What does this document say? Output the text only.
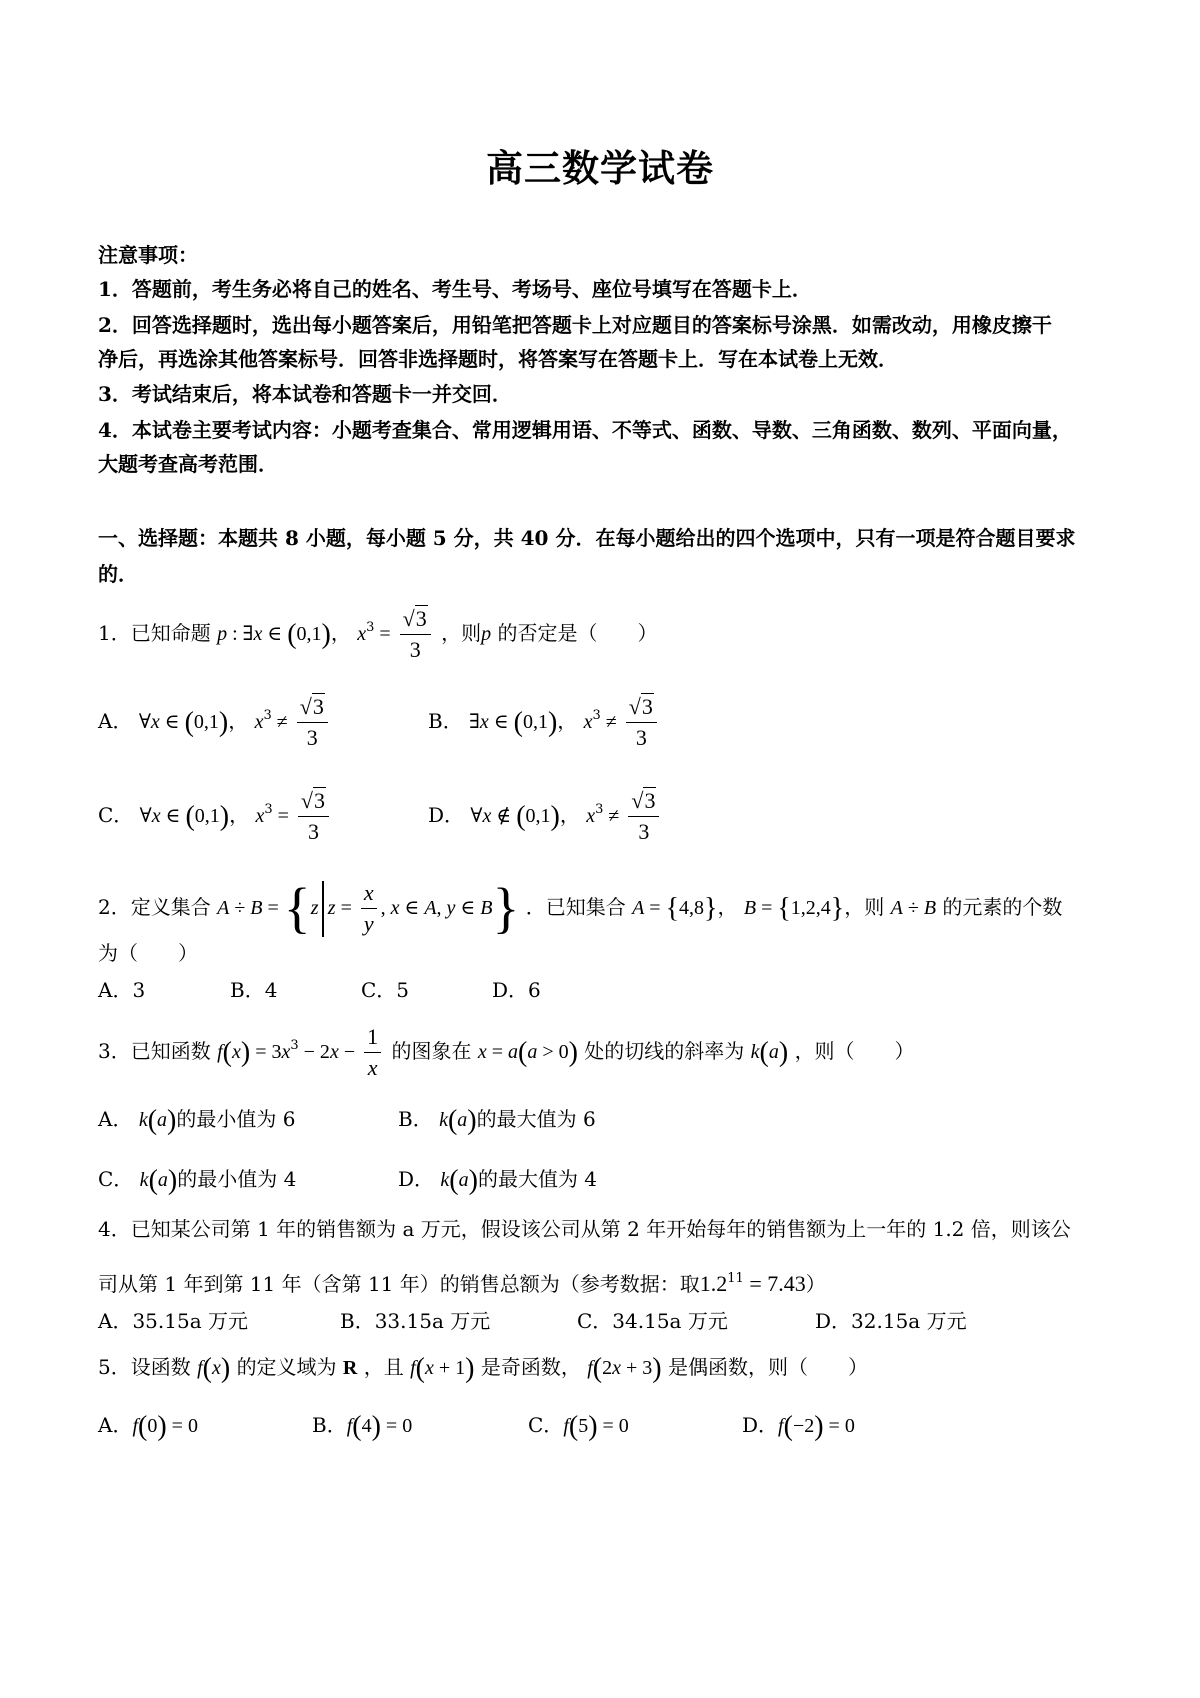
高三数学试卷
注意事项：
1．答题前，考生务必将自己的姓名、考生号、考场号、座位号填写在答题卡上．
2．回答选择题时，选出每小题答案后，用铅笔把答题卡上对应题目的答案标号涂黑．如需改动，用橡皮擦干
净后，再选涂其他答案标号．回答非选择题时，将答案写在答题卡上．写在本试卷上无效．
3．考试结束后，将本试卷和答题卡一并交回．
4．本试卷主要考试内容：小题考查集合、常用逻辑用语、不等式、函数、导数、三角函数、数列、平面向量，
大题考查高考范围．
一、选择题：本题共 8 小题，每小题 5 分，共 40 分．在每小题给出的四个选项中，只有一项是符合题目要求
的．
1．已知命题 p : ∃x ∈ (0,1)， $x^3 = \frac{√3}{3}$ ，则p 的否定是（　　）
A． ∀x ∈ (0,1)， $x^3 \ne \frac{√3}{3}$	B． ∃x ∈ (0,1)， $x^3 \ne \frac{√3}{3}$
C． ∀x ∈ (0,1)， $x^3 = \frac{√3}{3}$	D． ∀x ∉ (0,1)， $x^3 \ne \frac{√3}{3}$
2．定义集合 A ÷ B = {z $z = \frac{x}{y}$ , x ∈ A, y ∈ B} ．已知集合 A = {4,8}， B = {1,2,4}，则 A ÷ B 的元素的个数
为（　　）
A．3	B．4	C．5	D．6
3．已知函数 $f(x) = 3x^3 - 2x - \frac{1}{x}$ 的图象在 x = a(a > 0) 处的切线的斜率为 k(a) ，则（　　）
A． k(a)的最小值为 6	B． k(a)的最大值为 6
C． k(a)的最小值为 4	D． k(a)的最大值为 4
4．已知某公司第 1 年的销售额为 a 万元，假设该公司从第 2 年开始每年的销售额为上一年的 1.2 倍，则该公
司从第 1 年到第 11 年（含第 11 年）的销售总额为（参考数据：取$1.2^{11} = 7.43$）
A．35.15a 万元	B．33.15a 万元	C．34.15a 万元	D．32.15a 万元
5．设函数 f(x) 的定义域为 R ，且 f(x + 1) 是奇函数， f(2x + 3) 是偶函数，则（　　）
A．f(0) = 0	B．f(4) = 0	C．f(5) = 0	D．f(−2) = 0
